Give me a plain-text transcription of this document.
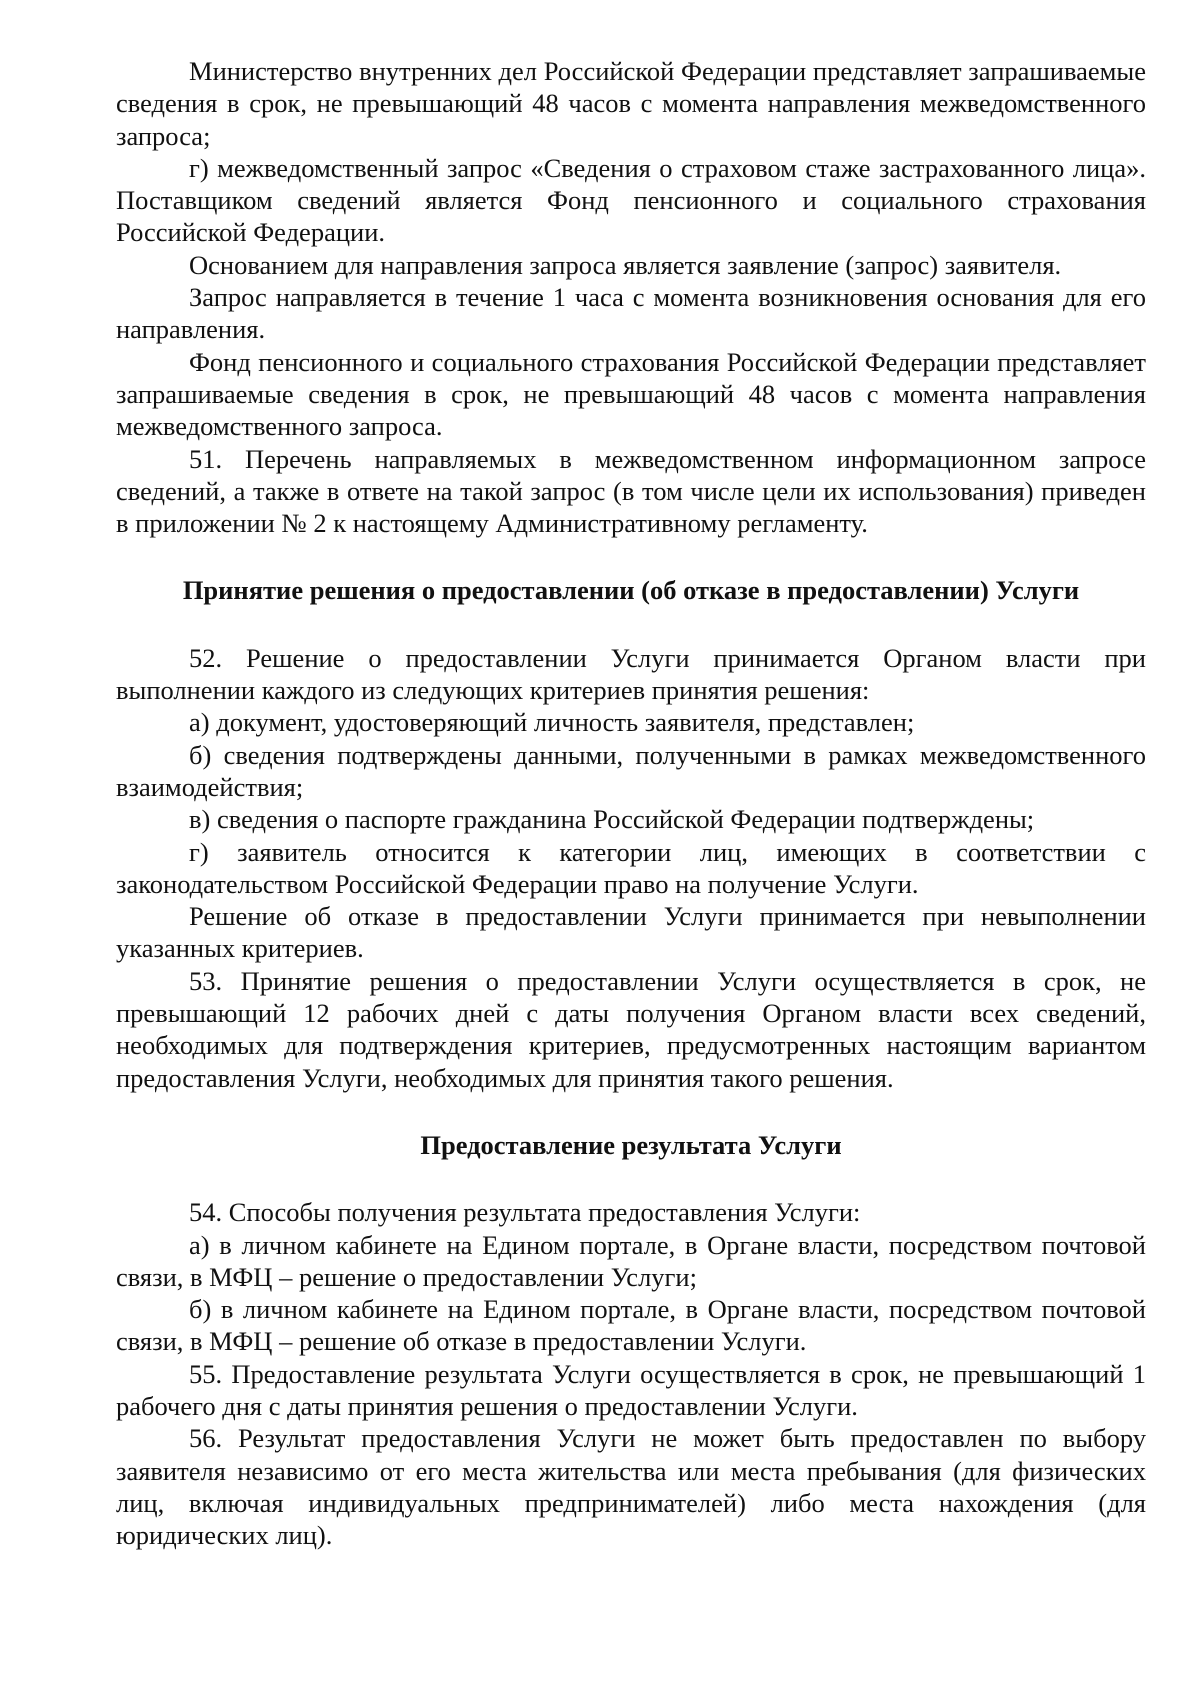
Министерство внутренних дел Российской Федерации представляет запрашиваемые сведения в срок, не превышающий 48 часов с момента направления межведомственного запроса;

г) межведомственный запрос «Сведения о страховом стаже застрахованного лица». Поставщиком сведений является Фонд пенсионного и социального страхования Российской Федерации.

Основанием для направления запроса является заявление (запрос) заявителя.

Запрос направляется в течение 1 часа с момента возникновения основания для его направления.

Фонд пенсионного и социального страхования Российской Федерации представляет запрашиваемые сведения в срок, не превышающий 48 часов с момента направления межведомственного запроса.

51. Перечень направляемых в межведомственном информационном запросе сведений, а также в ответе на такой запрос (в том числе цели их использования) приведен в приложении № 2 к настоящему Административному регламенту.

Принятие решения о предоставлении (об отказе в предоставлении) Услуги

52. Решение о предоставлении Услуги принимается Органом власти при выполнении каждого из следующих критериев принятия решения:

а) документ, удостоверяющий личность заявителя, представлен;

б) сведения подтверждены данными, полученными в рамках межведомственного взаимодействия;

в) сведения о паспорте гражданина Российской Федерации подтверждены;

г) заявитель относится к категории лиц, имеющих в соответствии с законодательством Российской Федерации право на получение Услуги.

Решение об отказе в предоставлении Услуги принимается при невыполнении указанных критериев.

53. Принятие решения о предоставлении Услуги осуществляется в срок, не превышающий 12 рабочих дней с даты получения Органом власти всех сведений, необходимых для подтверждения критериев, предусмотренных настоящим вариантом предоставления Услуги, необходимых для принятия такого решения.

Предоставление результата Услуги

54. Способы получения результата предоставления Услуги:

а) в личном кабинете на Едином портале, в Органе власти, посредством почтовой связи, в МФЦ – решение о предоставлении Услуги;

б) в личном кабинете на Едином портале, в Органе власти, посредством почтовой связи, в МФЦ – решение об отказе в предоставлении Услуги.

55. Предоставление результата Услуги осуществляется в срок, не превышающий 1 рабочего дня с даты принятия решения о предоставлении Услуги.

56. Результат предоставления Услуги не может быть предоставлен по выбору заявителя независимо от его места жительства или места пребывания (для физических лиц, включая индивидуальных предпринимателей) либо места нахождения (для юридических лиц).
